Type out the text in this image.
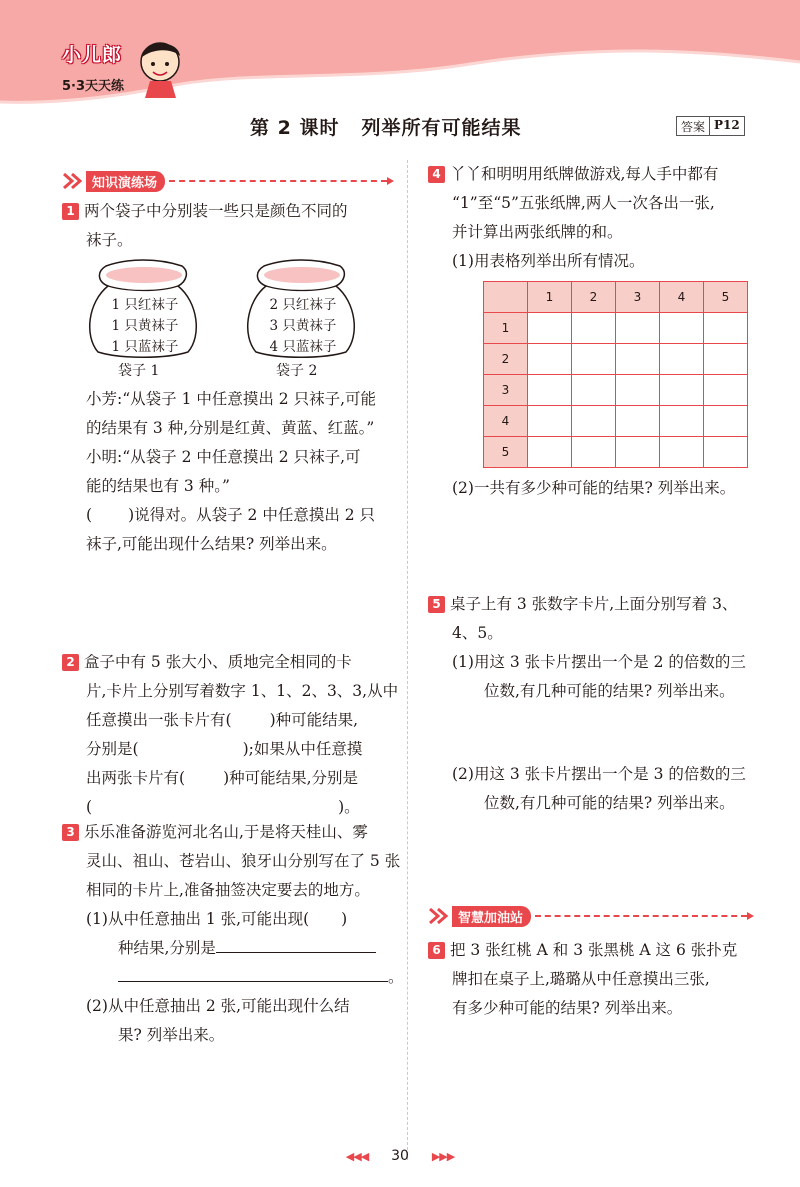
小儿郎
5·3天天练
第 2 课时 列举所有可能结果	答案 P12
知识演练场
1 两个袋子中分别装一些只是颜色不同的
袜子。
1 只红袜子
1 只黄袜子
1 只蓝袜子
袋子 1
2 只红袜子
3 只黄袜子
4 只蓝袜子
袋子 2
小芳:“从袋子 1 中任意摸出 2 只袜子,可能
的结果有 3 种,分别是红黄、黄蓝、红蓝。”
小明:“从袋子 2 中任意摸出 2 只袜子,可
能的结果也有 3 种。”
( )说得对。从袋子 2 中任意摸出 2 只
袜子,可能出现什么结果? 列举出来。
2 盒子中有 5 张大小、质地完全相同的卡
片,卡片上分别写着数字 1、1、2、3、3,从中
任意摸出一张卡片有( )种可能结果,
分别是(	);如果从中任意摸
出两张卡片有( )种可能结果,分别是
(	)。
3 乐乐准备游览河北名山,于是将天桂山、雾
灵山、祖山、苍岩山、狼牙山分别写在了 5 张
相同的卡片上,准备抽签决定要去的地方。
(1)从中任意抽出 1 张,可能出现( )
种结果,分别是
。
(2)从中任意抽出 2 张,可能出现什么结
果? 列举出来。
4 丫丫和明明用纸牌做游戏,每人手中都有
“1”至“5”五张纸牌,两人一次各出一张,
并计算出两张纸牌的和。
(1)用表格列举出所有情况。
	1	2	3	4	5
1					
2					
3					
4					
5					
(2)一共有多少种可能的结果? 列举出来。
5 桌子上有 3 张数字卡片,上面分别写着 3、
4、5。
(1)用这 3 张卡片摆出一个是 2 的倍数的三
位数,有几种可能的结果? 列举出来。
(2)用这 3 张卡片摆出一个是 3 的倍数的三
位数,有几种可能的结果? 列举出来。
智慧加油站
6 把 3 张红桃 A 和 3 张黑桃 A 这 6 张扑克
牌扣在桌子上,璐璐从中任意摸出三张,
有多少种可能的结果? 列举出来。
◀◀◀ 30 ▶▶▶
